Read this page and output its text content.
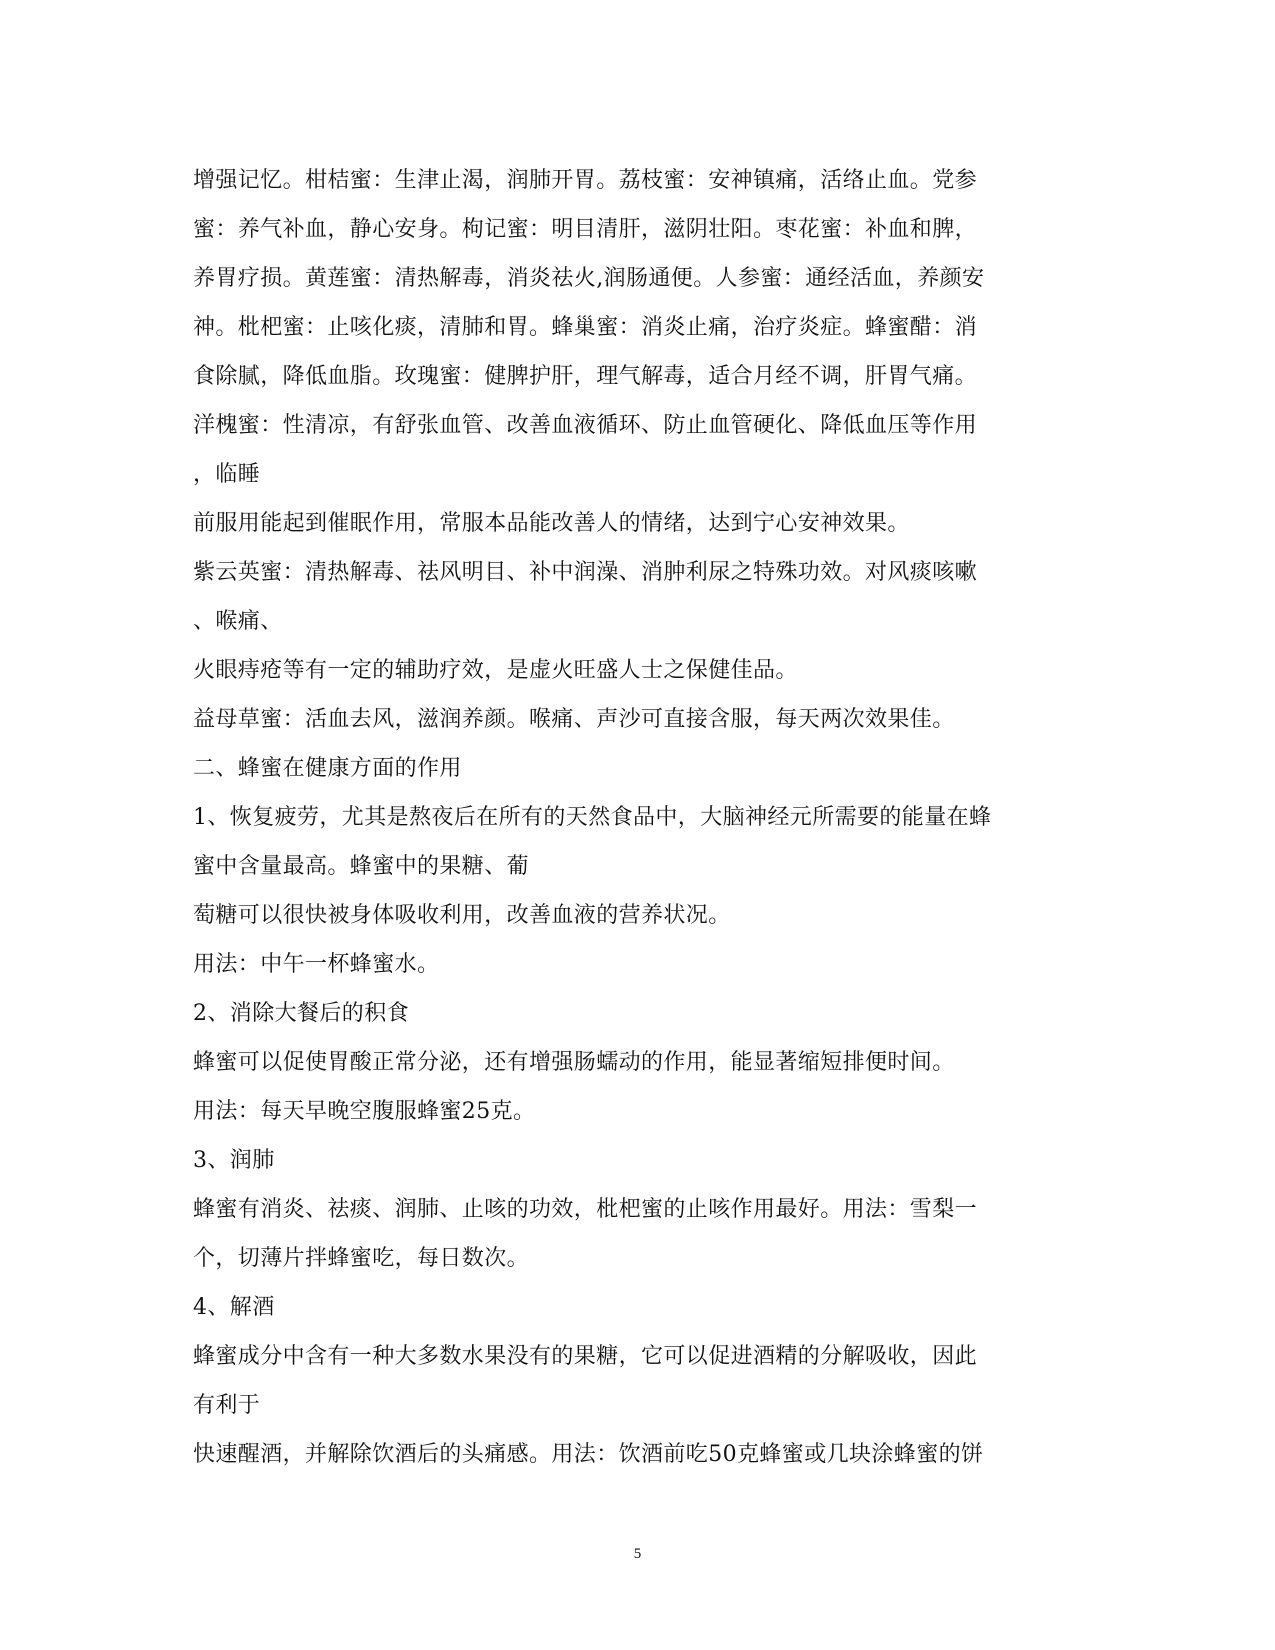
增强记忆。柑桔蜜：生津止渴，润肺开胃。荔枝蜜：安神镇痛，活络止血。党参
蜜：养气补血，静心安身。枸记蜜：明目清肝，滋阴壮阳。枣花蜜：补血和脾，
养胃疗损。黄莲蜜：清热解毒，消炎祛火,润肠通便。人参蜜：通经活血，养颜安
神。枇杷蜜：止咳化痰，清肺和胃。蜂巢蜜：消炎止痛，治疗炎症。蜂蜜醋：消
食除腻，降低血脂。玫瑰蜜：健脾护肝，理气解毒，适合月经不调，肝胃气痛。
洋槐蜜：性清凉，有舒张血管、改善血液循环、防止血管硬化、降低血压等作用
，临睡
前服用能起到催眠作用，常服本品能改善人的情绪，达到宁心安神效果。
紫云英蜜：清热解毒、祛风明目、补中润澡、消肿利尿之特殊功效。对风痰咳嗽
、喉痛、
火眼痔疮等有一定的辅助疗效，是虚火旺盛人士之保健佳品。
益母草蜜：活血去风，滋润养颜。喉痛、声沙可直接含服，每天两次效果佳。
二、蜂蜜在健康方面的作用
1、恢复疲劳，尤其是熬夜后在所有的天然食品中，大脑神经元所需要的能量在蜂
蜜中含量最高。蜂蜜中的果糖、葡
萄糖可以很快被身体吸收利用，改善血液的营养状况。
用法：中午一杯蜂蜜水。
2、消除大餐后的积食
蜂蜜可以促使胃酸正常分泌，还有增强肠蠕动的作用，能显著缩短排便时间。
用法：每天早晚空腹服蜂蜜25克。
3、润肺
蜂蜜有消炎、祛痰、润肺、止咳的功效，枇杷蜜的止咳作用最好。用法：雪梨一
个，切薄片拌蜂蜜吃，每日数次。
4、解酒
蜂蜜成分中含有一种大多数水果没有的果糖，它可以促进酒精的分解吸收，因此
有利于
快速醒酒，并解除饮酒后的头痛感。用法：饮酒前吃50克蜂蜜或几块涂蜂蜜的饼
5
